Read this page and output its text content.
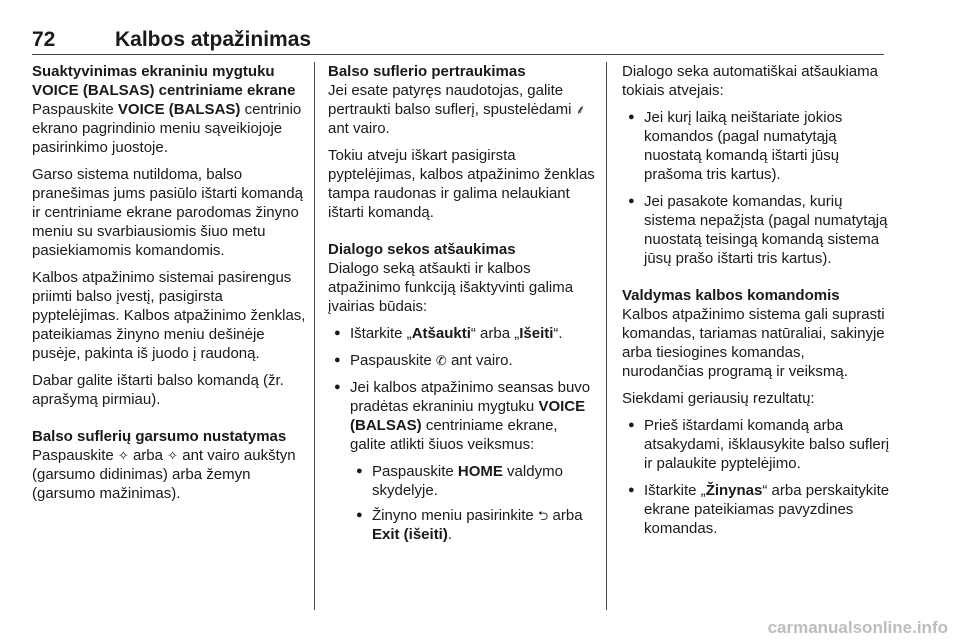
72	Kalbos atpažinimas

Suaktyvinimas ekraniniu mygtuku VOICE (BALSAS) centriniame ekrane

Paspauskite VOICE (BALSAS) centrinio ekrano pagrindinio meniu sąveikiojoje pasirinkimo juostoje.

Garso sistema nutildoma, balso pranešimas jums pasiūlo ištarti komandą ir centriniame ekrane parodomas žinyno meniu su svarbiausiomis šiuo metu pasiekiamomis komandomis.

Kalbos atpažinimo sistemai pasirengus priimti balso įvestį, pasigirsta pyptelėjimas. Kalbos atpažinimo ženklas, pateikiamas žinyno meniu dešinėje pusėje, pakinta iš juodo į raudoną.

Dabar galite ištarti balso komandą (žr. aprašymą pirmiau).

Balso suflerių garsumo nustatymas

Paspauskite ✧ arba ✧ ant vairo aukštyn (garsumo didinimas) arba žemyn (garsumo mažinimas).

Balso suflerio pertraukimas

Jei esate patyręs naudotojas, galite pertraukti balso suflerį, spustelėdami ⸙ ant vairo.

Tokiu atveju iškart pasigirsta pyptelėjimas, kalbos atpažinimo ženklas tampa raudonas ir galima nelaukiant ištarti komandą.

Dialogo sekos atšaukimas

Dialogo seką atšaukti ir kalbos atpažinimo funkciją išaktyvinti galima įvairias būdais:

● Ištarkite „Atšaukti“ arba „Išeiti“.
● Paspauskite ✆ ant vairo.
● Jei kalbos atpažinimo seansas buvo pradėtas ekraniniu mygtuku VOICE (BALSAS) centriniame ekrane, galite atlikti šiuos veiksmus:
● Paspauskite HOME valdymo skydelyje.
● Žinyno meniu pasirinkite ⮌ arba Exit (išeiti).

Dialogo seka automatiškai atšaukiama tokiais atvejais:

● Jei kurį laiką neištariate jokios komandos (pagal numatytąją nuostatą komandą ištarti jūsų prašoma tris kartus).
● Jei pasakote komandas, kurių sistema nepažįsta (pagal numatytąją nuostatą teisingą komandą sistema jūsų prašo ištarti tris kartus).

Valdymas kalbos komandomis

Kalbos atpažinimo sistema gali suprasti komandas, tariamas natūraliai, sakinyje arba tiesiogines komandas, nurodančias programą ir veiksmą.

Siekdami geriausių rezultatų:

● Prieš ištardami komandą arba atsakydami, išklausykite balso suflerį ir palaukite pyptelėjimo.
● Ištarkite „Žinynas“ arba perskaitykite ekrane pateikiamas pavyzdines komandas.
carmanualsonline.info
